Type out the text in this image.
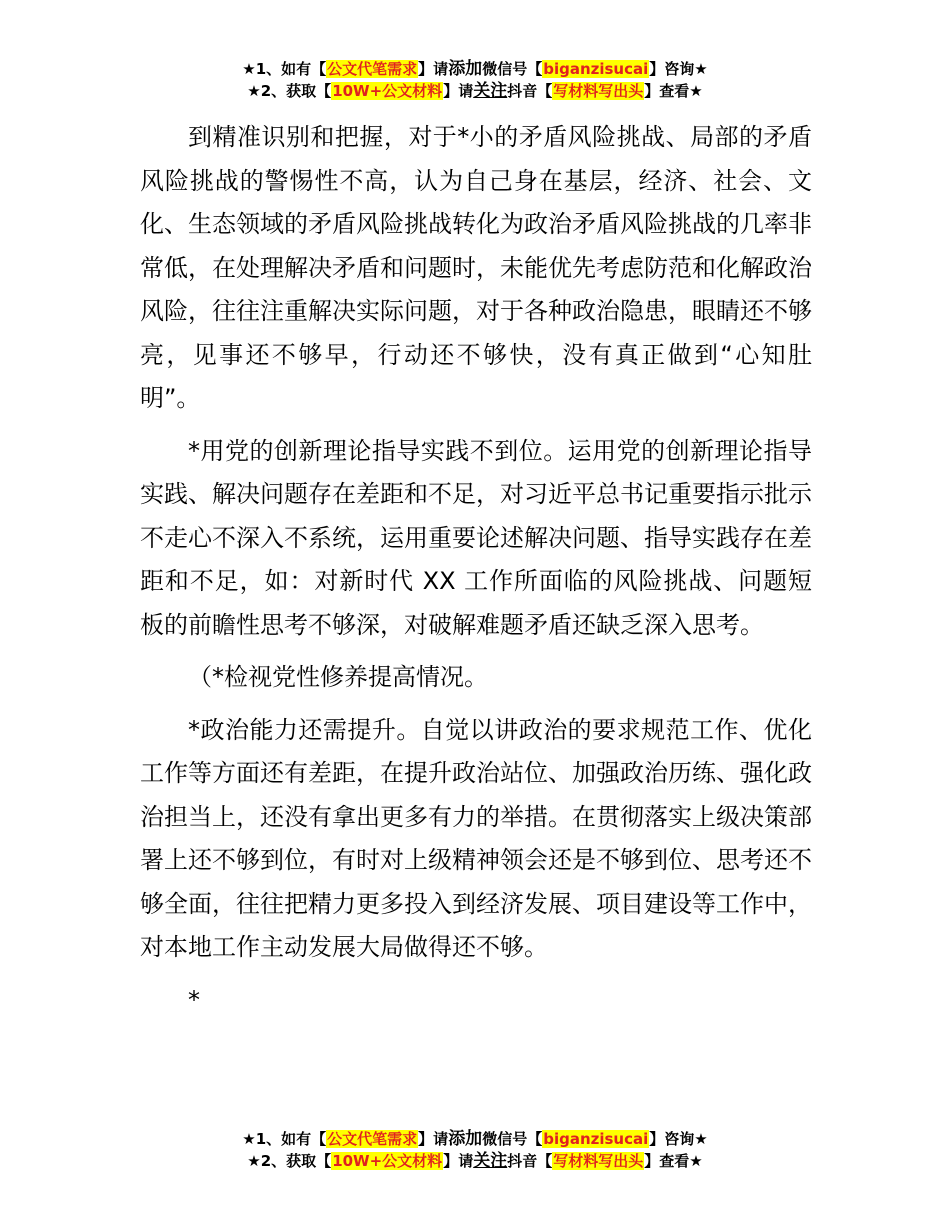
★1、如有【公文代笔需求】请添加微信号【biganzisucai】咨询★
★2、获取【10W+公文材料】请关注抖音【写材料写出头】查看★

到精准识别和把握，对于*小的矛盾风险挑战、局部的矛盾风险挑战的警惕性不高，认为自己身在基层，经济、社会、文化、生态领域的矛盾风险挑战转化为政治矛盾风险挑战的几率非常低，在处理解决矛盾和问题时，未能优先考虑防范和化解政治风险，往往注重解决实际问题，对于各种政治隐患，眼睛还不够亮，见事还不够早，行动还不够快，没有真正做到“心知肚明”。

*用党的创新理论指导实践不到位。运用党的创新理论指导实践、解决问题存在差距和不足，对习近平总书记重要指示批示不走心不深入不系统，运用重要论述解决问题、指导实践存在差距和不足，如：对新时代 XX 工作所面临的风险挑战、问题短板的前瞻性思考不够深，对破解难题矛盾还缺乏深入思考。

（*检视党性修养提高情况。

*政治能力还需提升。自觉以讲政治的要求规范工作、优化工作等方面还有差距，在提升政治站位、加强政治历练、强化政治担当上，还没有拿出更多有力的举措。在贯彻落实上级决策部署上还不够到位，有时对上级精神领会还是不够到位、思考还不够全面，往往把精力更多投入到经济发展、项目建设等工作中，对本地工作主动发展大局做得还不够。

*

★1、如有【公文代笔需求】请添加微信号【biganzisucai】咨询★
★2、获取【10W+公文材料】请关注抖音【写材料写出头】查看★
